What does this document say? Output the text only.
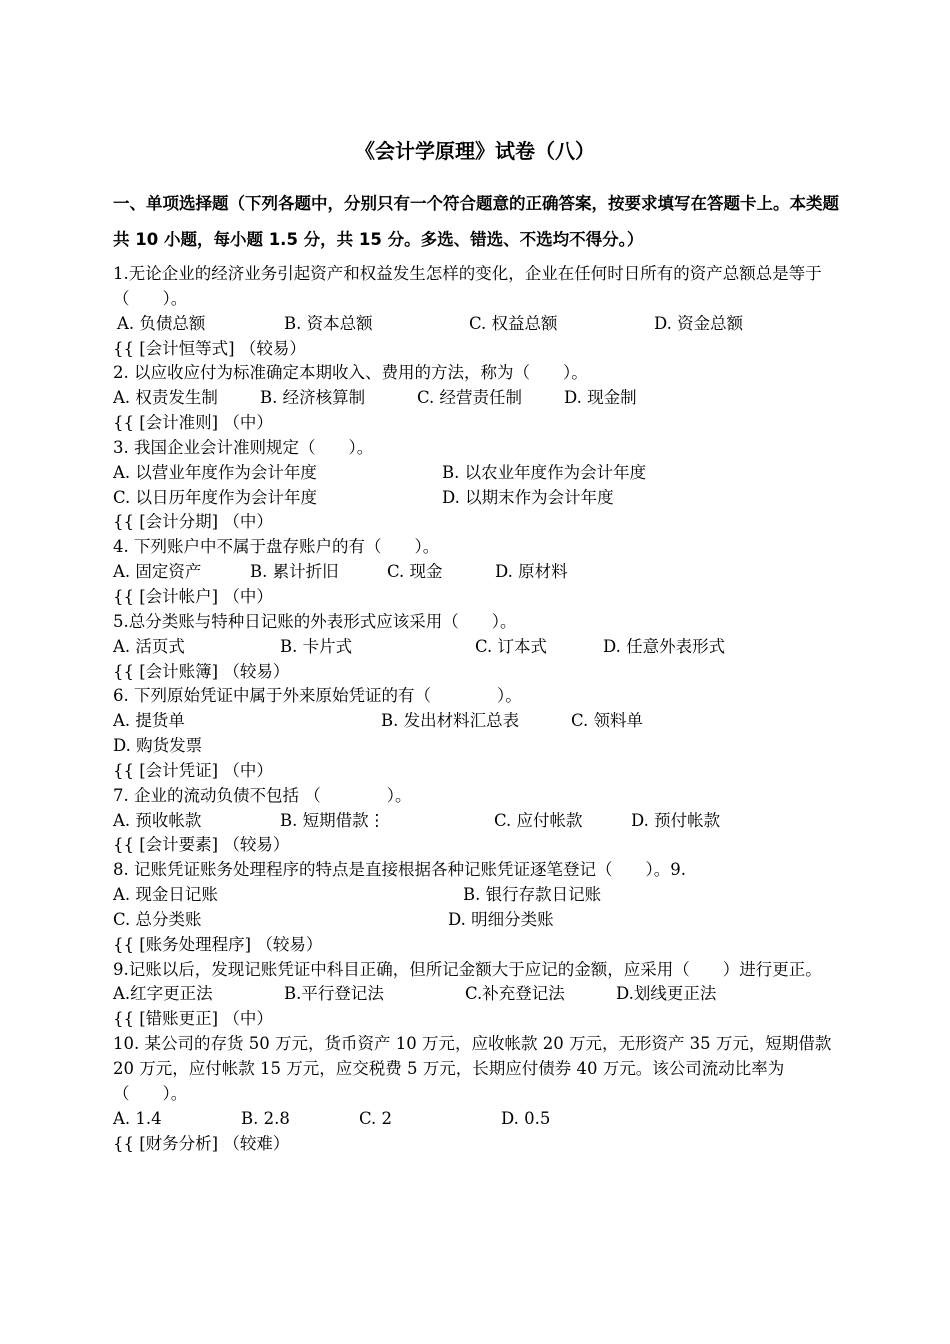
《会计学原理》试卷（八）
一、单项选择题（下列各题中，分别只有一个符合题意的正确答案，按要求填写在答题卡上。本类题共 10 小题，每小题 1.5 分，共 15 分。多选、错选、不选均不得分。）
1.无论企业的经济业务引起资产和权益发生怎样的变化，企业在任何时日所有的资产总额总是等于 （　　）。
A. 负债总额	B. 资本总额	C. 权益总额	D. 资金总额
{{ [会计恒等式] （较易）
2. 以应收应付为标准确定本期收入、费用的方法，称为（　　）。
A. 权责发生制	B. 经济核算制	C. 经营责任制	D. 现金制
{{ [会计准则] （中）
3. 我国企业会计准则规定（　　）。
A. 以营业年度作为会计年度	B. 以农业年度作为会计年度
C. 以日历年度作为会计年度	D. 以期末作为会计年度
{{ [会计分期] （中）
4. 下列账户中不属于盘存账户的有（　　）。
A. 固定资产	B. 累计折旧	C. 现金	D. 原材料
{{ [会计帐户] （中）
5.总分类账与特种日记账的外表形式应该采用（　　）。
A. 活页式	B. 卡片式	C. 订本式	D. 任意外表形式
{{ [会计账簿] （较易）
6. 下列原始凭证中属于外来原始凭证的有（　　　　）。
A. 提货单	B. 发出材料汇总表	C. 领料单
D. 购货发票
{{ [会计凭证] （中）
7. 企业的流动负债不包括 （　　　　）。
A. 预收帐款	B. 短期借款⋮	C. 应付帐款	D. 预付帐款
{{ [会计要素] （较易）
8. 记账凭证账务处理程序的特点是直接根据各种记账凭证逐笔登记（　　）。9.
A. 现金日记账	B. 银行存款日记账
C. 总分类账	D. 明细分类账
{{ [账务处理程序] （较易）
9.记账以后，发现记账凭证中科目正确，但所记金额大于应记的金额，应采用（　　）进行更正。
A.红字更正法	B.平行登记法	C.补充登记法	D.划线更正法
{{ [错账更正] （中）
10. 某公司的存货 50 万元，货币资产 10 万元，应收帐款 20 万元，无形资产 35 万元，短期借款 20 万元，应付帐款 15 万元，应交税费 5 万元，长期应付债券 40 万元。该公司流动比率为 （　　）。
A. 1.4	B. 2.8	C. 2	D. 0.5
{{ [财务分析] （较难）
